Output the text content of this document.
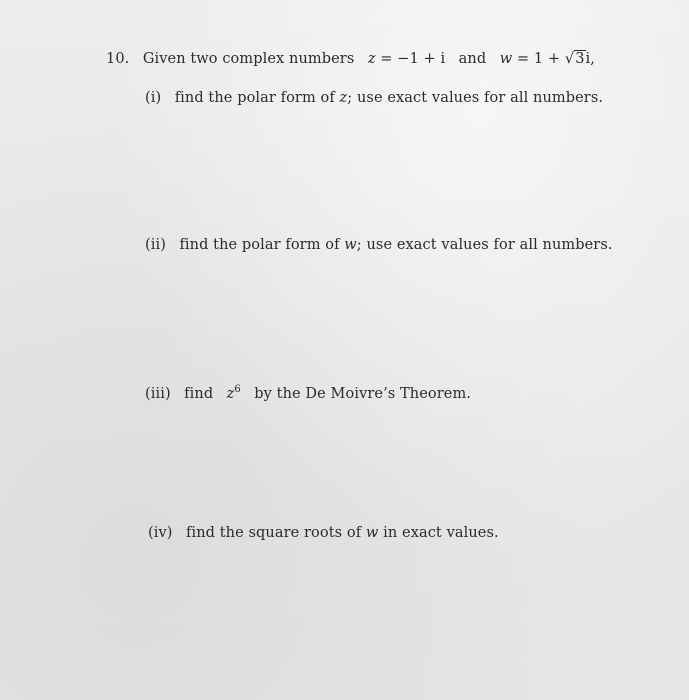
10. Given two complex numbers z = −1 + i and w = 1 + √3i,
(i) find the polar form of z; use exact values for all numbers.
(ii) find the polar form of w; use exact values for all numbers.
(iii) find $z^6$ by the De Moivre’s Theorem.
(iv) find the square roots of w in exact values.
